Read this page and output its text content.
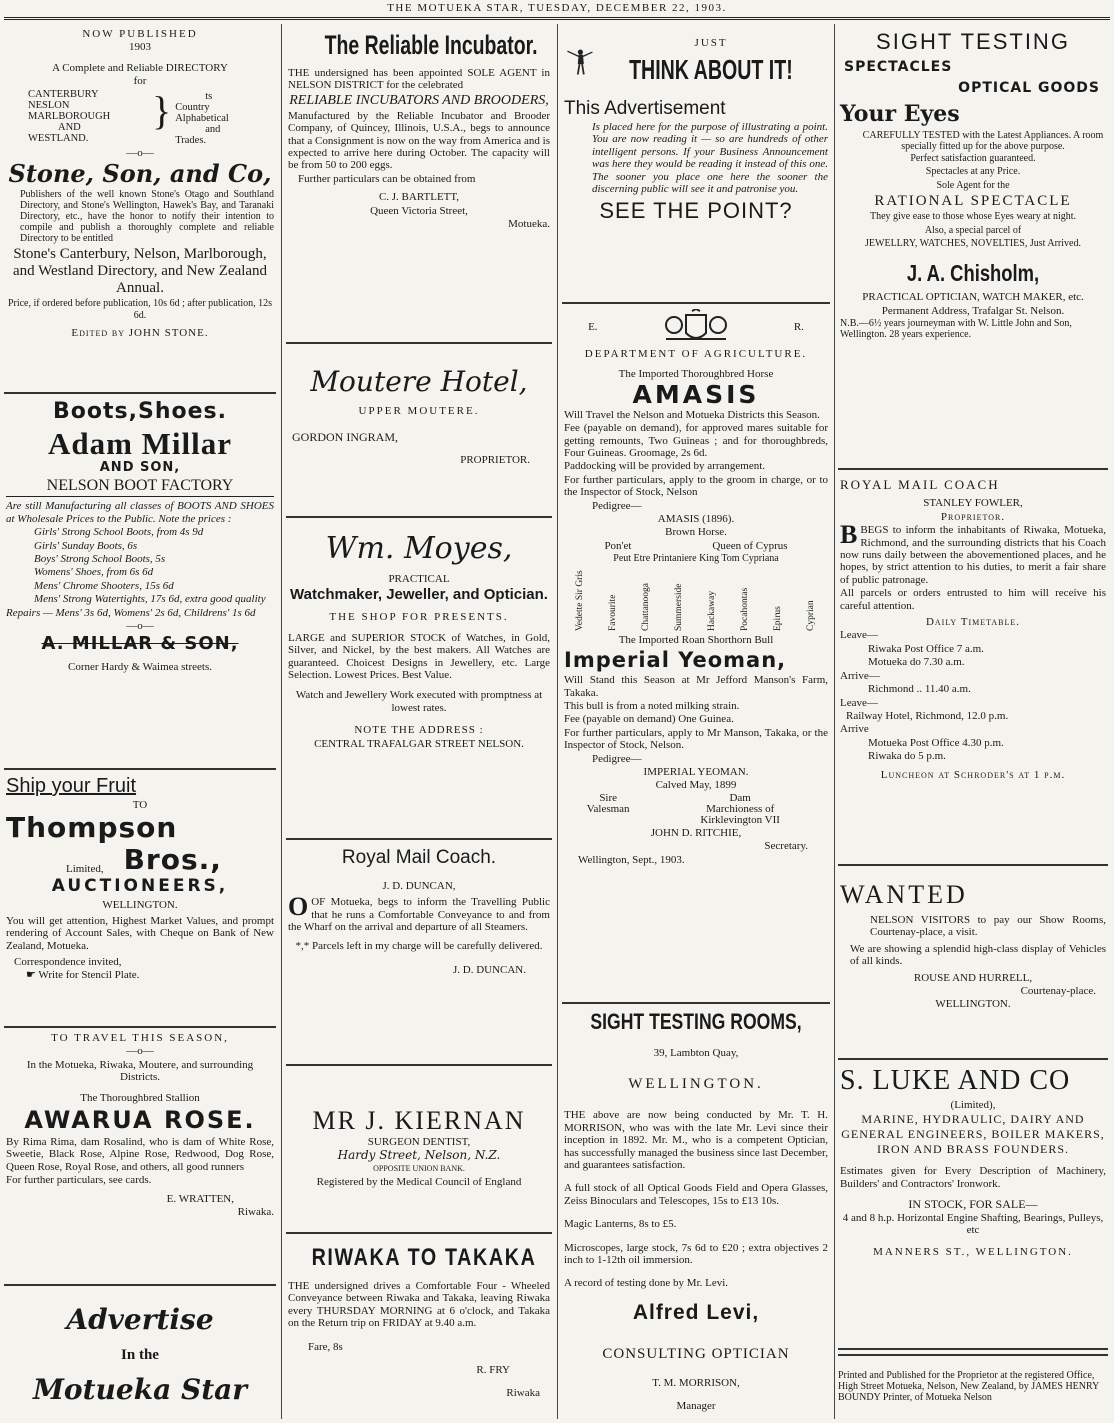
THE MOTUEKA STAR, TUESDAY, DECEMBER 22, 1903.

NOW PUBLISHED

1903

A Complete and Reliable DIRECTORY

for

CANTERBURY
NESLON
MARLBOROUGH
AND
WESTLAND.
}	ts
Country
Alphabetical
and
Trades.

—o—

Stone, Son, and Co,

Publishers of the well known Stone's Otago and Southland Directory, and Stone's Wellington, Hawek's Bay, and Taranaki Directory, etc., have the honor to notify their intention to compile and publish a thoroughly complete and reliable Directory to be entitled

Stone's Canterbury, Nelson, Marlborough, and Westland Directory, and New Zealand Annual.

Price, if ordered before publication, 10s 6d ; after publication, 12s 6d.

Edited by JOHN STONE.

Boots,Shoes.

Adam Millar

AND SON,

NELSON BOOT FACTORY

Are still Manufacturing all classes of BOOTS AND SHOES at Wholesale Prices to the Public. Note the prices :

Girls' Strong School Boots, from 4s 9d

Girls' Sunday Boots, 6s

Boys' Strong School Boots, 5s

Womens' Shoes, from 6s 6d

Mens' Chrome Shooters, 15s 6d

Mens' Strong Watertights, 17s 6d, extra good quality

Repairs — Mens' 3s 6d, Womens' 2s 6d, Childrens' 1s 6d

—o—

A. MILLAR & SON,

Corner Hardy & Waimea streets.

Ship your Fruit

TO

Thompson

Limited, Bros.,

AUCTIONEERS,

WELLINGTON.

You will get attention, Highest Market Values, and prompt rendering of Account Sales, with Cheque on Bank of New Zealand, Motueka.

Correspondence invited,

☛ Write for Stencil Plate.

TO TRAVEL THIS SEASON,

—o—

In the Motueka, Riwaka, Moutere, and surrounding Districts.

The Thoroughbred Stallion

AWARUA ROSE.

By Rima Rima, dam Rosalind, who is dam of White Rose, Sweetie, Black Rose, Alpine Rose, Redwood, Dog Rose, Queen Rose, Royal Rose, and others, all good runners

For further particulars, see cards.

E. WRATTEN,

Riwaka.

Advertise

In the

Motueka Star

The Reliable Incubator.

THE undersigned has been appointed SOLE AGENT in NELSON DISTRICT for the celebrated

RELIABLE INCUBATORS AND BROODERS,

Manufactured by the Reliable Incubator and Brooder Company, of Quincey, Illinois, U.S.A., begs to announce that a Consignment is now on the way from America and is expected to arrive here during October. The capacity will be from 50 to 200 eggs.

Further particulars can be obtained from

C. J. BARTLETT,

Queen Victoria Street,

Motueka.

Moutere Hotel,

UPPER MOUTERE.

GORDON INGRAM,

PROPRIETOR.

Wm. Moyes,

PRACTICAL

Watchmaker, Jeweller, and Optician.

THE SHOP FOR PRESENTS.

LARGE and SUPERIOR STOCK of Watches, in Gold, Silver, and Nickel, by the best makers. All Watches are guaranteed. Choicest Designs in Jewellery, etc. Large Selection. Lowest Prices. Best Value.

Watch and Jewellery Work executed with promptness at lowest rates.

NOTE THE ADDRESS :

CENTRAL TRAFALGAR STREET NELSON.

Royal Mail Coach.

J. D. DUNCAN,

OOF Motueka, begs to inform the Travelling Public that he runs a Comfortable Conveyance to and from the Wharf on the arrival and departure of all Steamers.

*,* Parcels left in my charge will be carefully delivered.

J. D. DUNCAN.

MR J. KIERNAN

SURGEON DENTIST,

Hardy Street, Nelson, N.Z.

OPPOSITE UNION BANK.

Registered by the Medical Council of England

RIWAKA TO TAKAKA

THE undersigned drives a Comfortable Four - Wheeled Conveyance between Riwaka and Takaka, leaving Riwaka every THURSDAY MORNING at 6 o'clock, and Takaka on the Return trip on FRIDAY at 9.40 a.m.

Fare, 8s

R. FRY

Riwaka

JUST

THINK ABOUT IT!

This Advertisement

Is placed here for the purpose of illustrating a point. You are now reading it — so are hundreds of other intelligent persons. If your Business Announcement was here they would be reading it instead of this one. The sooner you place one here the sooner the discerning public will see it and patronise you.

SEE THE POINT?

E.	R.

DEPARTMENT OF AGRICULTURE.

The Imported Thoroughbred Horse

AMASIS

Will Travel the Nelson and Motueka Districts this Season.

Fee (payable on demand), for approved mares suitable for getting remounts, Two Guineas ; and for thoroughbreds, Four Guineas. Groomage, 2s 6d.

Paddocking will be provided by arrangement.

For further particulars, apply to the groom in charge, or to the Inspector of Stock, Nelson

Pedigree—

AMASIS (1896).

Brown Horse.

Pon'et	Queen of Cyprus

Peut Etre Printaniere King Tom Cypriana

Vedette Sir Gris Favourite Chattanooga Summerside Hackaway Pocahontas Epirus Cyprian

The Imported Roan Shorthorn Bull

Imperial Yeoman,

Will Stand this Season at Mr Jefford Manson's Farm, Takaka.

This bull is from a noted milking strain.

Fee (payable on demand) One Guinea.

For further particulars, apply to Mr Manson, Takaka, or the Inspector of Stock, Nelson.

Pedigree—

IMPERIAL YEOMAN.

Calved May, 1899

Sire
Valesman
Dam
Marchioness of Kirklevington VII

JOHN D. RITCHIE,

Secretary.

Wellington, Sept., 1903.

SIGHT TESTING ROOMS,

39, Lambton Quay,

WELLINGTON.

THE above are now being conducted by Mr. T. H. MORRISON, who was with the late Mr. Levi since their inception in 1892. Mr. M., who is a competent Optician, has successfully managed the business since last December, and guarantees satisfaction.

A full stock of all Optical Goods Field and Opera Glasses, Zeiss Binoculars and Telescopes, 15s to £13 10s.

Magic Lanterns, 8s to £5.

Microscopes, large stock, 7s 6d to £20 ; extra objectives 2 inch to 1-12th oil immersion.

A record of testing done by Mr. Levi.

Alfred Levi,

CONSULTING OPTICIAN

T. M. MORRISON,

Manager

SIGHT TESTING

SPECTACLES

OPTICAL GOODS

Your Eyes

CAREFULLY TESTED with the Latest Appliances. A room specially fitted up for the above purpose.

Perfect satisfaction guaranteed.

Spectacles at any Price.

Sole Agent for the

RATIONAL SPECTACLE

They give ease to those whose Eyes weary at night.

Also, a special parcel of

JEWELLRY, WATCHES, NOVELTIES, Just Arrived.

J. A. Chisholm,

PRACTICAL OPTICIAN, WATCH MAKER, etc.

Permanent Address, Trafalgar St. Nelson.

N.B.—6½ years journeyman with W. Little John and Son, Wellington. 28 years experience.

ROYAL MAIL COACH

STANLEY FOWLER,

Proprietor.

BBEGS to inform the inhabitants of Riwaka, Motueka, Richmond, and the surrounding districts that his Coach now runs daily between the abovementioned places, and he hopes, by strict attention to his duties, to merit a fair share of public patronage.

All parcels or orders entrusted to him will receive his careful attention.

Daily Timetable.

Leave—

Riwaka Post Office 7 a.m.

Motueka do 7.30 a.m.

Arrive—

Richmond .. 11.40 a.m.

Leave—

Railway Hotel, Richmond, 12.0 p.m.

Arrive

Motueka Post Office 4.30 p.m.

Riwaka do 5 p.m.

Luncheon at Schroder's at 1 p.m.

WANTED

NELSON VISITORS to pay our Show Rooms, Courtenay-place, a visit.

We are showing a splendid high-class display of Vehicles of all kinds.

ROUSE AND HURRELL,

Courtenay-place.

WELLINGTON.

S. LUKE AND CO

(Limited),

MARINE, HYDRAULIC, DAIRY AND GENERAL ENGINEERS, BOILER MAKERS, IRON AND BRASS FOUNDERS.

Estimates given for Every Description of Machinery, Builders' and Contractors' Ironwork.

IN STOCK, FOR SALE—

4 and 8 h.p. Horizontal Engine Shafting, Bearings, Pulleys, etc

MANNERS ST., WELLINGTON.

Printed and Published for the Proprietor at the registered Office, High Street Motueka, Nelson, New Zealand, by JAMES HENRY BOUNDY Printer, of Motueka Nelson
